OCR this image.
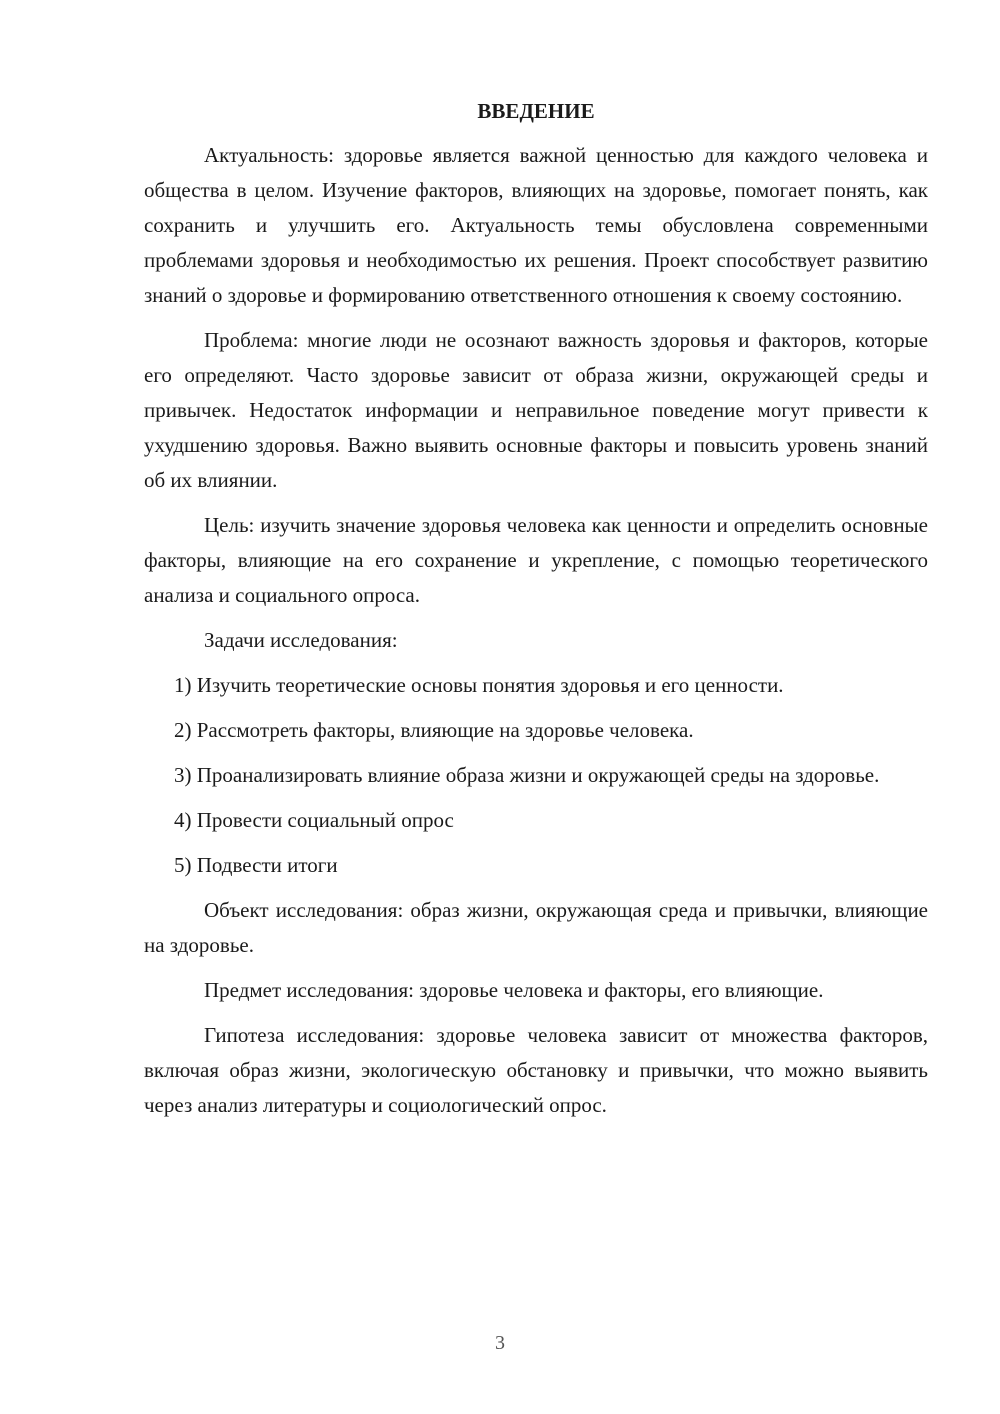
ВВЕДЕНИЕ

Актуальность: здоровье является важной ценностью для каждого человека и общества в целом. Изучение факторов, влияющих на здоровье, помогает понять, как сохранить и улучшить его. Актуальность темы обусловлена современными проблемами здоровья и необходимостью их решения. Проект способствует развитию знаний о здоровье и формированию ответственного отношения к своему состоянию.

Проблема: многие люди не осознают важность здоровья и факторов, которые его определяют. Часто здоровье зависит от образа жизни, окружающей среды и привычек. Недостаток информации и неправильное поведение могут привести к ухудшению здоровья. Важно выявить основные факторы и повысить уровень знаний об их влиянии.

Цель: изучить значение здоровья человека как ценности и определить основные факторы, влияющие на его сохранение и укрепление, с помощью теоретического анализа и социального опроса.

Задачи исследования:

1) Изучить теоретические основы понятия здоровья и его ценности.

2) Рассмотреть факторы, влияющие на здоровье человека.

3) Проанализировать влияние образа жизни и окружающей среды на здоровье.

4) Провести социальный опрос

5) Подвести итоги

Объект исследования: образ жизни, окружающая среда и привычки, влияющие на здоровье.

Предмет исследования: здоровье человека и факторы, его влияющие.

Гипотеза исследования: здоровье человека зависит от множества факторов, включая образ жизни, экологическую обстановку и привычки, что можно выявить через анализ литературы и социологический опрос.

3
